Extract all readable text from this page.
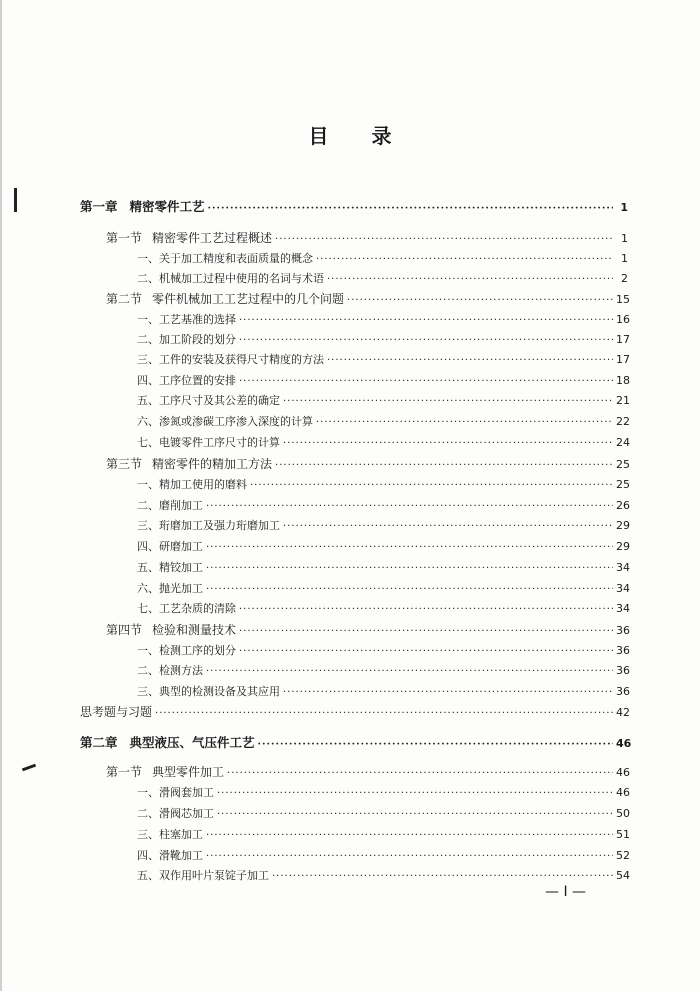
目 录
第一章 精密零件工艺 ·····	1
第一节 精密零件工艺过程概述 ·····	1
一、关于加工精度和表面质量的概念 ·····	1
二、机械加工过程中使用的名词与术语 ·····	2
第二节 零件机械加工工艺过程中的几个问题 ·····	15
一、工艺基准的选择 ·····	16
二、加工阶段的划分 ·····	17
三、工件的安装及获得尺寸精度的方法 ·····	17
四、工序位置的安排 ·····	18
五、工序尺寸及其公差的确定 ·····	21
六、渗氮或渗碳工序渗入深度的计算 ·····	22
七、电镀零件工序尺寸的计算 ·····	24
第三节 精密零件的精加工方法 ·····	25
一、精加工使用的磨料 ·····	25
二、磨削加工 ·····	26
三、珩磨加工及强力珩磨加工 ·····	29
四、研磨加工 ·····	29
五、精铰加工 ·····	34
六、抛光加工 ·····	34
七、工艺杂质的清除 ·····	34
第四节 检验和测量技术 ·····	36
一、检测工序的划分 ·····	36
二、检测方法 ·····	36
三、典型的检测设备及其应用 ·····	36
思考题与习题 ·····	42
第二章 典型液压、气压件工艺 ·····	46
第一节 典型零件加工 ·····	46
一、滑阀套加工 ·····	46
二、滑阀芯加工 ·····	50
三、柱塞加工 ·····	51
四、滑靴加工 ·····	52
五、双作用叶片泵锭子加工 ·····	54
— I —
